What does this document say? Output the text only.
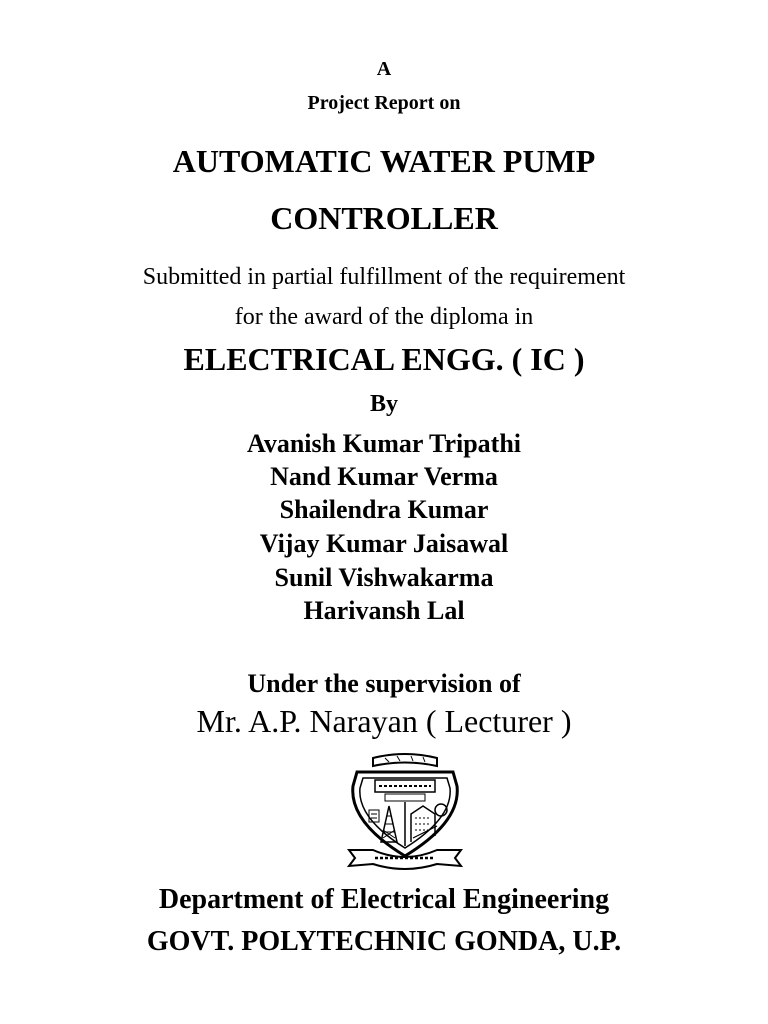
A
Project Report on
AUTOMATIC WATER PUMP
CONTROLLER
Submitted in partial fulfillment of the requirement
for the award of the diploma in
ELECTRICAL ENGG. ( IC )
By
Avanish Kumar Tripathi
Nand Kumar Verma
Shailendra Kumar
Vijay Kumar Jaisawal
Sunil Vishwakarma
Harivansh Lal
Under the supervision of
Mr. A.P. Narayan ( Lecturer )
Department of Electrical Engineering
GOVT. POLYTECHNIC GONDA, U.P.
